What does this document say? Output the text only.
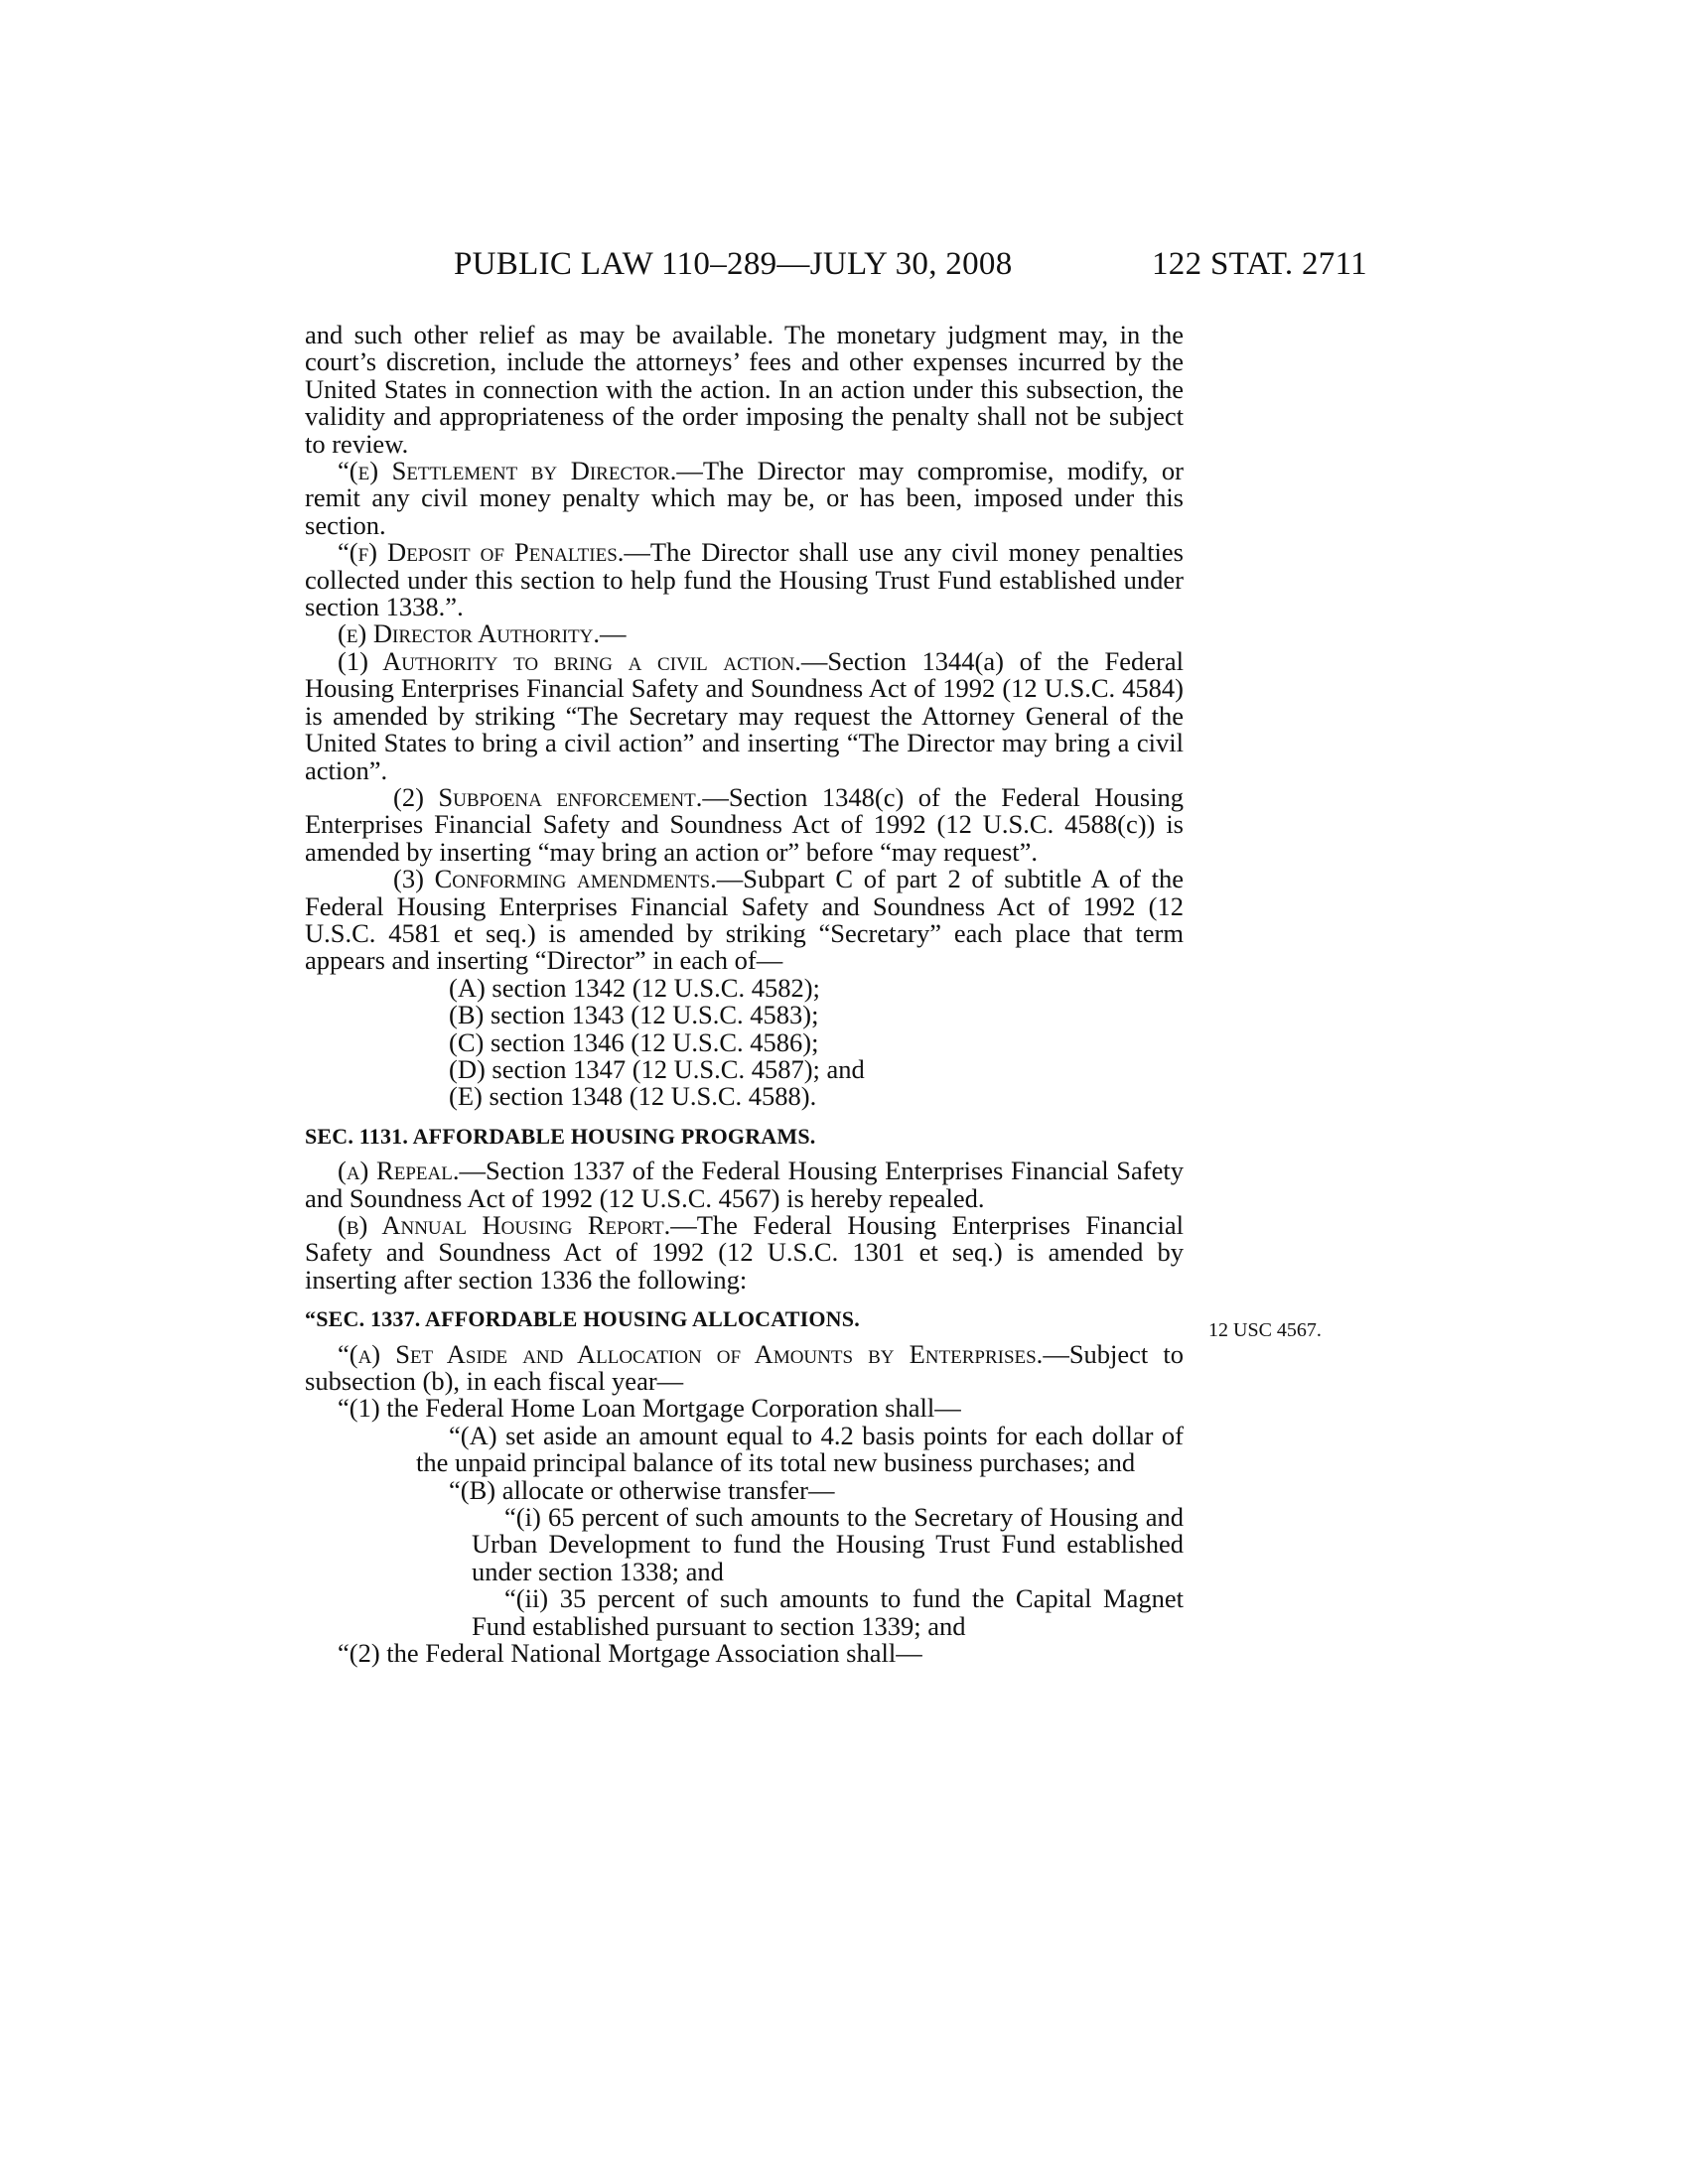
PUBLIC LAW 110–289—JULY 30, 2008	122 STAT. 2711

and such other relief as may be available. The monetary judgment may, in the court’s discretion, include the attorneys’ fees and other expenses incurred by the United States in connection with the action. In an action under this subsection, the validity and appropriateness of the order imposing the penalty shall not be subject to review.

“(e) Settlement by Director.—The Director may compromise, modify, or remit any civil money penalty which may be, or has been, imposed under this section.

“(f) Deposit of Penalties.—The Director shall use any civil money penalties collected under this section to help fund the Housing Trust Fund established under section 1338.”.

(e) Director Authority.—

(1) Authority to bring a civil action.—Section 1344(a) of the Federal Housing Enterprises Financial Safety and Soundness Act of 1992 (12 U.S.C. 4584) is amended by striking “The Secretary may request the Attorney General of the United States to bring a civil action” and inserting “The Director may bring a civil action”.

(2) Subpoena enforcement.—Section 1348(c) of the Federal Housing Enterprises Financial Safety and Soundness Act of 1992 (12 U.S.C. 4588(c)) is amended by inserting “may bring an action or” before “may request”.

(3) Conforming amendments.—Subpart C of part 2 of subtitle A of the Federal Housing Enterprises Financial Safety and Soundness Act of 1992 (12 U.S.C. 4581 et seq.) is amended by striking “Secretary” each place that term appears and inserting “Director” in each of—

(A) section 1342 (12 U.S.C. 4582);

(B) section 1343 (12 U.S.C. 4583);

(C) section 1346 (12 U.S.C. 4586);

(D) section 1347 (12 U.S.C. 4587); and

(E) section 1348 (12 U.S.C. 4588).

SEC. 1131. AFFORDABLE HOUSING PROGRAMS.

(a) Repeal.—Section 1337 of the Federal Housing Enterprises Financial Safety and Soundness Act of 1992 (12 U.S.C. 4567) is hereby repealed.

(b) Annual Housing Report.—The Federal Housing Enterprises Financial Safety and Soundness Act of 1992 (12 U.S.C. 1301 et seq.) is amended by inserting after section 1336 the following:

“SEC. 1337. AFFORDABLE HOUSING ALLOCATIONS.	12 USC 4567.

“(a) Set Aside and Allocation of Amounts by Enterprises.—Subject to subsection (b), in each fiscal year—

“(1) the Federal Home Loan Mortgage Corporation shall—

“(A) set aside an amount equal to 4.2 basis points for each dollar of the unpaid principal balance of its total new business purchases; and

“(B) allocate or otherwise transfer—

“(i) 65 percent of such amounts to the Secretary of Housing and Urban Development to fund the Housing Trust Fund established under section 1338; and

“(ii) 35 percent of such amounts to fund the Capital Magnet Fund established pursuant to section 1339; and

“(2) the Federal National Mortgage Association shall—
